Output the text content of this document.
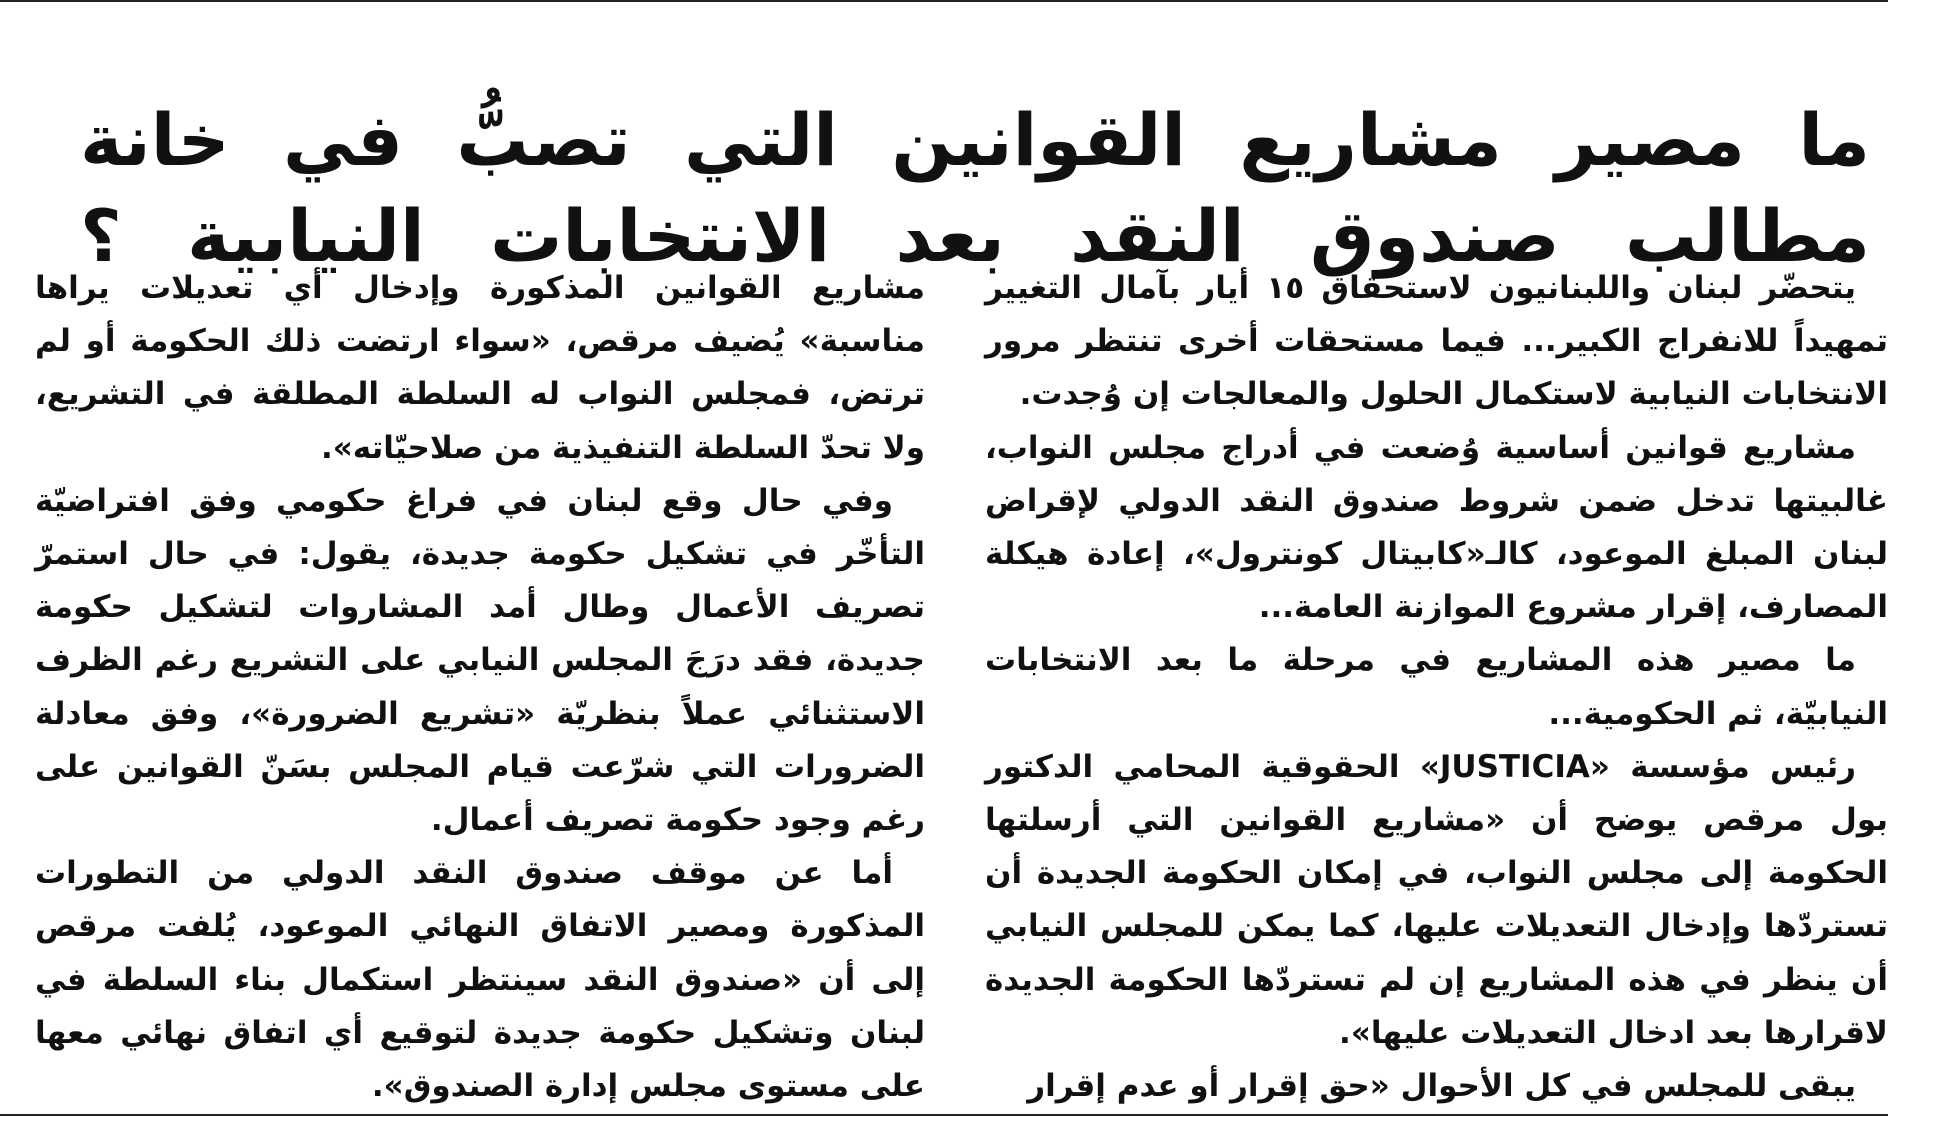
ما مصير مشاريع القوانين التي تصبُّ في خانة
مطالب صندوق النقد بعد الانتخابات النيابية ؟

يتحضّر لبنان واللبنانيون لاستحقاق ١٥ أيار بآمال التغيير تمهيداً للانفراج الكبير... فيما مستحقات أخرى تنتظر مرور الانتخابات النيابية لاستكمال الحلول والمعالجات إن وُجدت.

مشاريع قوانين أساسية وُضعت في أدراج مجلس النواب، غالبيتها تدخل ضمن شروط صندوق النقد الدولي لإقراض لبنان المبلغ الموعود، كالـ«كابيتال كونترول»، إعادة هيكلة المصارف، إقرار مشروع الموازنة العامة...

ما مصير هذه المشاريع في مرحلة ما بعد الانتخابات النيابيّة، ثم الحكومية...

رئيس مؤسسة «JUSTICIA» الحقوقية المحامي الدكتور بول مرقص يوضح أن «مشاريع القوانين التي أرسلتها الحكومة إلى مجلس النواب، في إمكان الحكومة الجديدة أن تستردّها وإدخال التعديلات عليها، كما يمكن للمجلس النيابي أن ينظر في هذه المشاريع إن لم تستردّها الحكومة الجديدة لاقرارها بعد ادخال التعديلات عليها».

يبقى للمجلس في كل الأحوال «حق إقرار أو عدم إقرار

مشاريع القوانين المذكورة وإدخال أي تعديلات يراها مناسبة» يُضيف مرقص، «سواء ارتضت ذلك الحكومة أو لم ترتض، فمجلس النواب له السلطة المطلقة في التشريع، ولا تحدّ السلطة التنفيذية من صلاحيّاته».

وفي حال وقع لبنان في فراغ حكومي وفق افتراضيّة التأخّر في تشكيل حكومة جديدة، يقول: في حال استمرّ تصريف الأعمال وطال أمد المشاروات لتشكيل حكومة جديدة، فقد درَجَ المجلس النيابي على التشريع رغم الظرف الاستثنائي عملاً بنظريّة «تشريع الضرورة»، وفق معادلة الضرورات التي شرّعت قيام المجلس بسَنّ القوانين على رغم وجود حكومة تصريف أعمال.

أما عن موقف صندوق النقد الدولي من التطورات المذكورة ومصير الاتفاق النهائي الموعود، يُلفت مرقص إلى أن «صندوق النقد سينتظر استكمال بناء السلطة في لبنان وتشكيل حكومة جديدة لتوقيع أي اتفاق نهائي معها على مستوى مجلس إدارة الصندوق».
